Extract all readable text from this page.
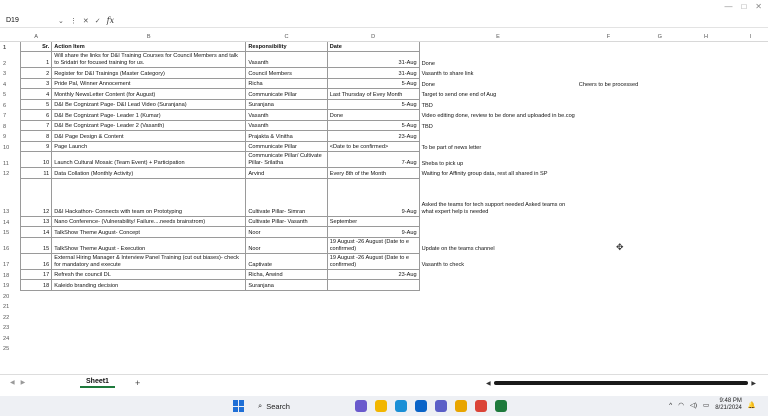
— □ ✕
D19	⌄ ⋮ ✕ ✓ fx
	A	B	C	D	E	F	G	H	I
1	Sr.	Action Item	Responsibility	Date					
2	1	Will share the links for D&I Training Courses for Council Members and talk to Sridatri for focused training for us.	Vasanth	31-Aug	Done				
3	2	Register for D&I Trainings (Master Category)	Council Members	31-Aug	Vasanth to share link				
4	3	Pride Pal, Winner Annocement	Richa	5-Aug	Done	Cheers to be processed			
5	4	Monthly NewsLetter Content (for August)	Communicate Pillar	Last Thursday of Evey Month	Target to send one end of Aug				
6	5	D&I Be Cognizant Page- D&I Lead Video (Suranjana)	Suranjana	5-Aug	TBD				
7	6	D&I Be Cognizant Page- Leader 1 (Kumar)	Vasanth	Done	Video editing done, review to be done and uploaded in be.cog				
8	7	D&I Be Cognizant Page- Leader 2 (Vasanth)	Vasanth	5-Aug	TBD				
9	8	D&I Page Design & Content	Prajakta & Vinitha	23-Aug					
10	9	Page Launch	Communicate Pillar	<Date to be confirmed>	To be part of news letter				
11	10	Launch Cultural Mosaic (Team Event) + Participation	Communicate Pillar/ Cultivate Pillar- Srilatha	7-Aug	Sheba to pick up				
12	11	Data Collation (Monthly Activity)	Arvind	Every 8th of the Month	Waiting for Affinity group data, rest all shared in SP				
13	12	D&I Hackathon- Connects with team on Prototyping	Cultivate Pillar- Simran	9-Aug	Asked the teams for tech support needed Asked teams on what expert help is needed				
14	13	Nano Conference- (Vulnerability/ Failure....needs brainstrom)	Cultivate Pillar- Vasanth	September					
15	14	TalkShow Theme August- Concept	Noor	9-Aug					
16	15	TalkShow Theme August - Execution	Noor	19 August -26 August (Date to e confirmed)	Update on the teams channel				
17	16	External Hiring Manager & Interview Panel Training (cut out biases)- check for mandatory and execute	Captivate	19 August -26 August (Date to e confirmed)	Vasanth to check				
18	17	Refresh the council DL	Richa, Arwind	23-Aug					
19	18	Kaleido branding decision	Suranjana						
20									
21									
22									
23									
24									
25									
✥
◀ ▶	Sheet1	+	◀	▶
⌕ Search	^ ◠ ◁) ▭
9:48 PM
8/21/2024 🔔
